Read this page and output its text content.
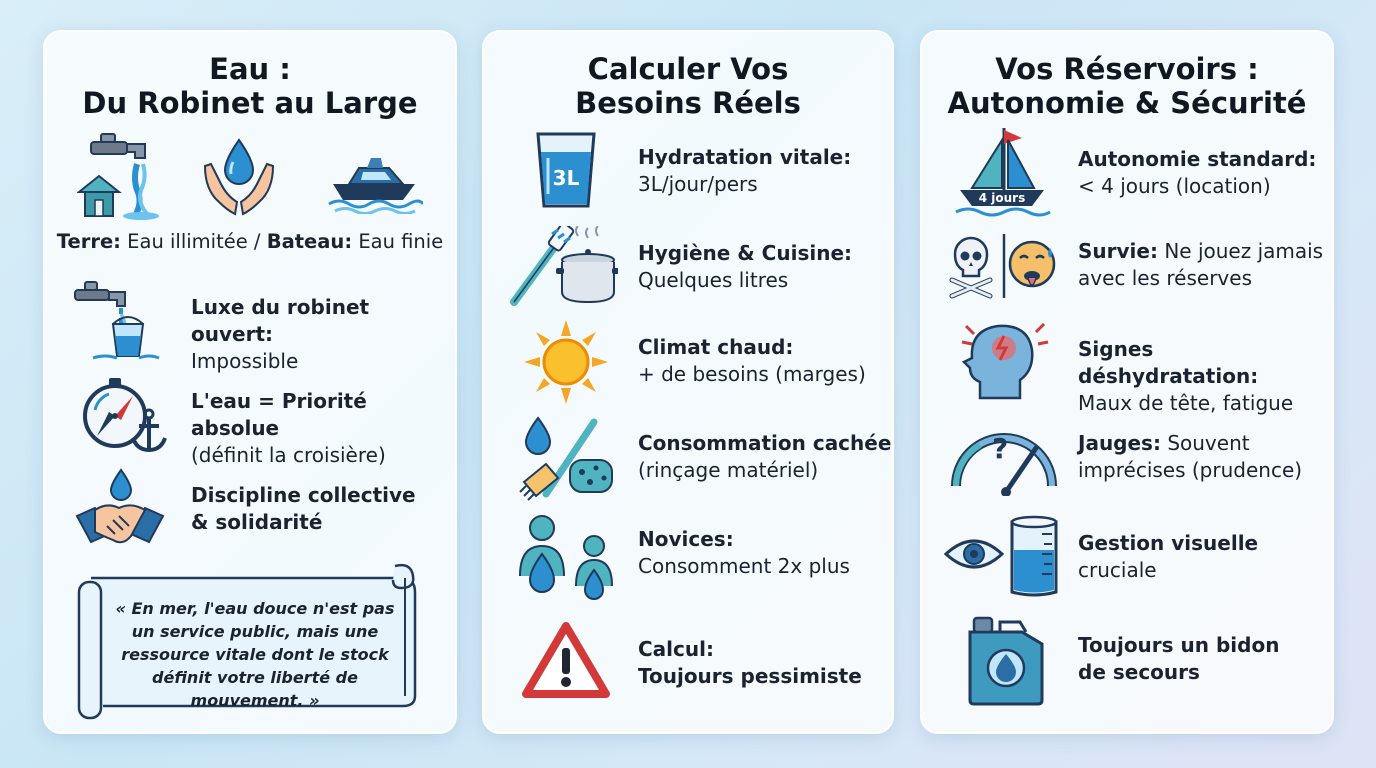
Eau :
Du Robinet au Large
Terre: Eau illimitée / Bateau: Eau finie
Luxe du robinet ouvert:
Impossible
L'eau = Priorité absolue
(définit la croisière)
Discipline collective
& solidarité
« En mer, l'eau douce n'est pas un service public, mais une ressource vitale dont le stock définit votre liberté de mouvement. »
Calculer Vos
Besoins Réels
3L
Hydratation vitale:
3L/jour/pers
Hygiène & Cuisine:
Quelques litres
Climat chaud:
+ de besoins (marges)
Consommation cachée
(rinçage matériel)
Novices:
Consomment 2x plus
Calcul:
Toujours pessimiste
Vos Réservoirs :
Autonomie & Sécurité
4 jours
Autonomie standard:
< 4 jours (location)
Survie: Ne jouez jamais
avec les réserves
Signes déshydratation:
Maux de tête, fatigue
?	Jauges: Souvent
imprécises (prudence)
Gestion visuelle
cruciale
Toujours un bidon
de secours
